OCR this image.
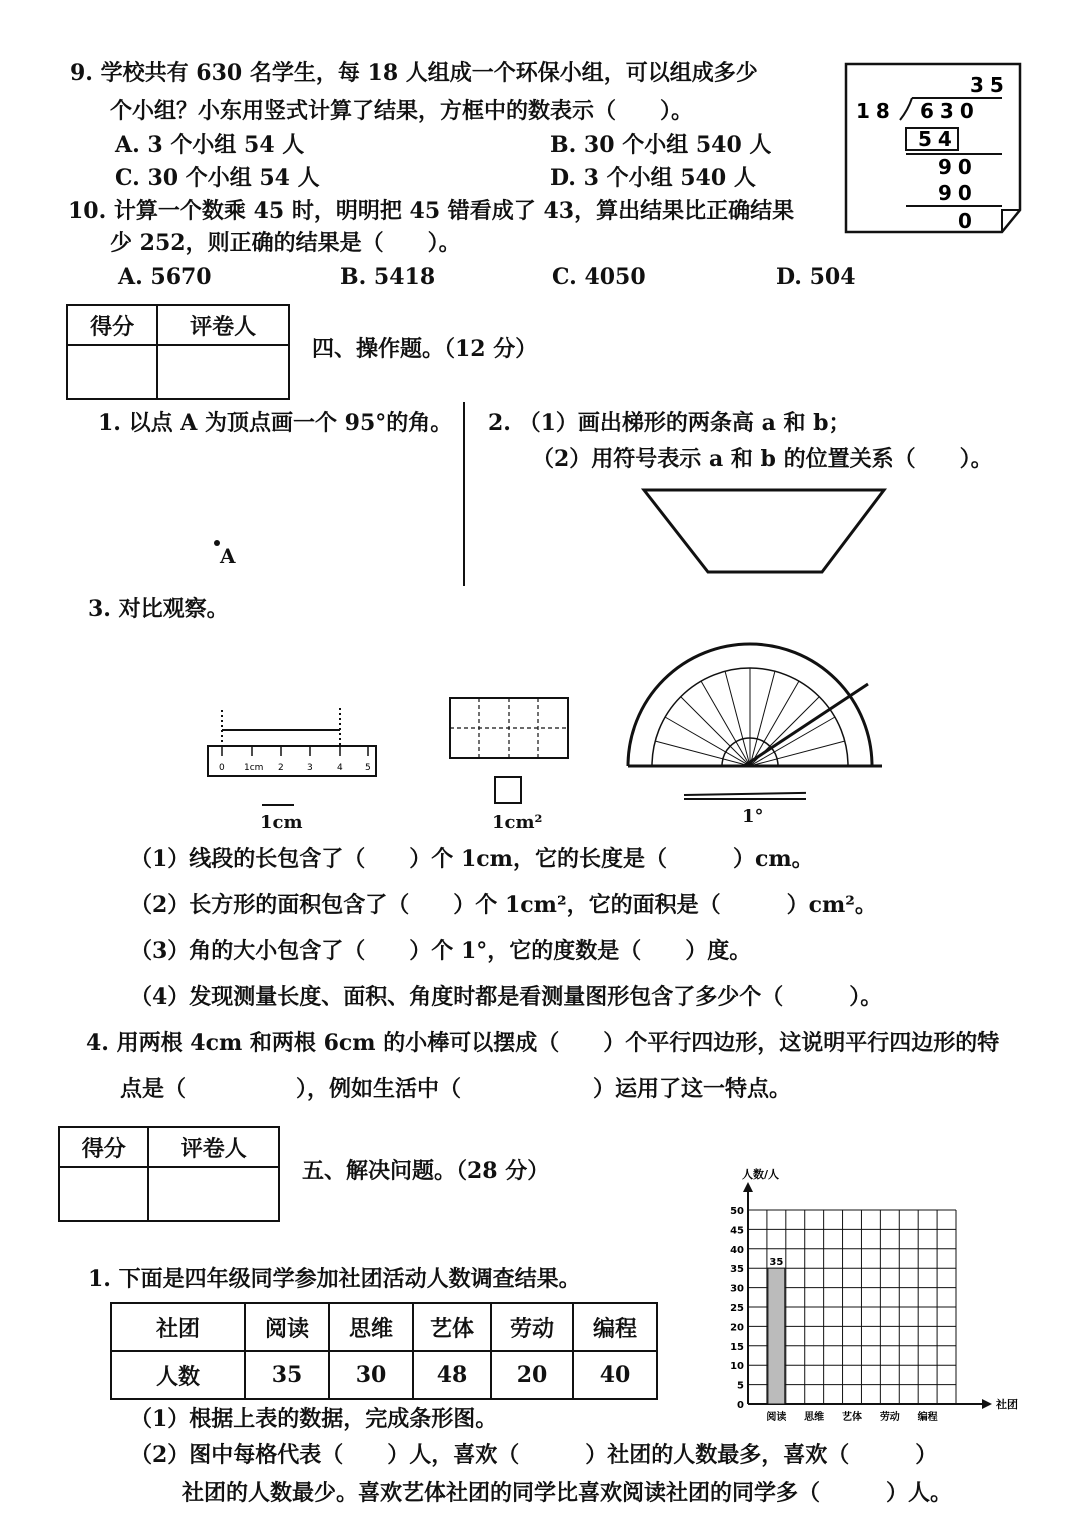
9. 学校共有 630 名学生，每 18 人组成一个环保小组，可以组成多少
个小组？小东用竖式计算了结果，方框中的数表示（　　）。
A. 3 个小组 54 人	B. 30 个小组 540 人
C. 30 个小组 54 人	D. 3 个小组 540 人
35
18 630
54
90
90
0
10. 计算一个数乘 45 时，明明把 45 错看成了 43，算出结果比正确结果
少 252，则正确的结果是（　　）。
A. 5670	B. 5418	C. 4050	D. 504
得分	评卷人

四、操作题。（12 分）
1. 以点 A 为顶点画一个 95°的角。
A
2. （1）画出梯形的两条高 a 和 b；
（2）用符号表示 a 和 b 的位置关系（　　）。
3. 对比观察。
0 1cm 2	3	4 5
1cm	1cm²	1°
（1）线段的长包含了（　　）个 1cm，它的长度是（　　　）cm。
（2）长方形的面积包含了（　　）个 1cm²，它的面积是（　　　）cm²。
（3）角的大小包含了（　　）个 1°，它的度数是（　　）度。
（4）发现测量长度、面积、角度时都是看测量图形包含了多少个（　　　）。
4. 用两根 4cm 和两根 6cm 的小棒可以摆成（　　）个平行四边形，这说明平行四边形的特
点是（　　　　　），例如生活中（　　　　　　）运用了这一特点。
得分	评卷人

五、解决问题。（28 分）
1. 下面是四年级同学参加社团活动人数调查结果。
社团	阅读	思维	艺体	劳动	编程
人数	35	30	48	20	40
（1）根据上表的数据，完成条形图。
（2）图中每格代表（　　）人，喜欢（　　　）社团的人数最多，喜欢（　　　）
社团的人数最少。喜欢艺体社团的同学比喜欢阅读社团的同学多（　　　）人。
人数/人
社团
0
5
10
15
20
25
30
35
40
45
50
阅读 思维 艺体 劳动 编程
35
